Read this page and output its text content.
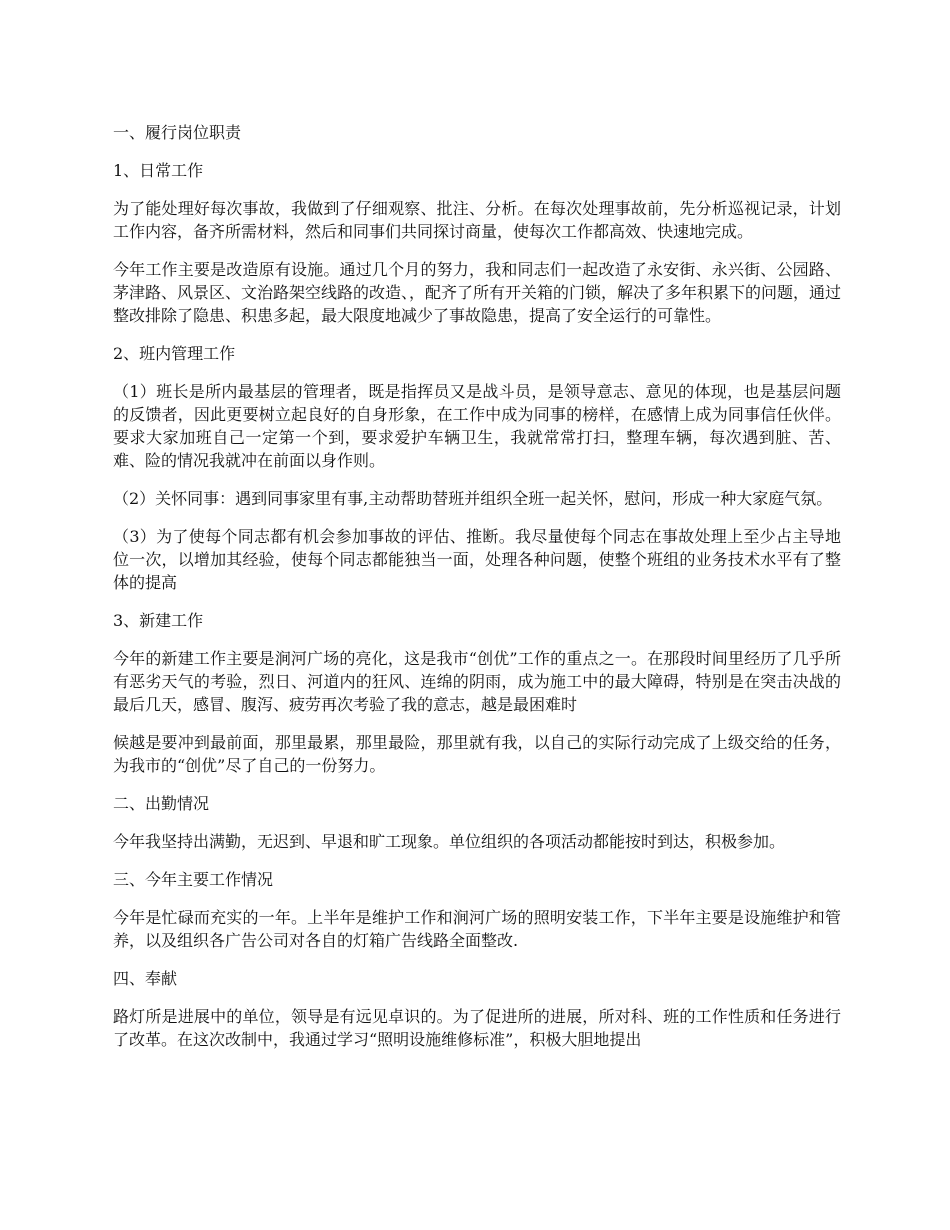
一、履行岗位职责

1、日常工作

为了能处理好每次事故，我做到了仔细观察、批注、分析。在每次处理事故前，先分析巡视记录，计划工作内容，备齐所需材料，然后和同事们共同探讨商量，使每次工作都高效、快速地完成。

今年工作主要是改造原有设施。通过几个月的努力，我和同志们一起改造了永安街、永兴街、公园路、茅津路、风景区、文治路架空线路的改造、，配齐了所有开关箱的门锁，解决了多年积累下的问题，通过整改排除了隐患、积患多起，最大限度地减少了事故隐患，提高了安全运行的可靠性。

2、班内管理工作

（1）班长是所内最基层的管理者，既是指挥员又是战斗员，是领导意志、意见的体现，也是基层问题的反馈者，因此更要树立起良好的自身形象，在工作中成为同事的榜样，在感情上成为同事信任伙伴。要求大家加班自己一定第一个到，要求爱护车辆卫生，我就常常打扫，整理车辆，每次遇到脏、苦、难、险的情况我就冲在前面以身作则。

（2）关怀同事：遇到同事家里有事,主动帮助替班并组织全班一起关怀，慰问，形成一种大家庭气氛。

（3）为了使每个同志都有机会参加事故的评估、推断。我尽量使每个同志在事故处理上至少占主导地位一次，以增加其经验，使每个同志都能独当一面，处理各种问题，使整个班组的业务技术水平有了整体的提高

3、新建工作

今年的新建工作主要是涧河广场的亮化，这是我市“创优”工作的重点之一。在那段时间里经历了几乎所有恶劣天气的考验，烈日、河道内的狂风、连绵的阴雨，成为施工中的最大障碍，特别是在突击决战的最后几天，感冒、腹泻、疲劳再次考验了我的意志，越是最困难时

候越是要冲到最前面，那里最累，那里最险，那里就有我，以自己的实际行动完成了上级交给的任务，为我市的“创优”尽了自己的一份努力。

二、出勤情况

今年我坚持出满勤，无迟到、早退和旷工现象。单位组织的各项活动都能按时到达，积极参加。

三、今年主要工作情况

今年是忙碌而充实的一年。上半年是维护工作和涧河广场的照明安装工作，下半年主要是设施维护和管养，以及组织各广告公司对各自的灯箱广告线路全面整改.

四、奉献

路灯所是进展中的单位，领导是有远见卓识的。为了促进所的进展，所对科、班的工作性质和任务进行了改革。在这次改制中，我通过学习“照明设施维修标准”，积极大胆地提出
